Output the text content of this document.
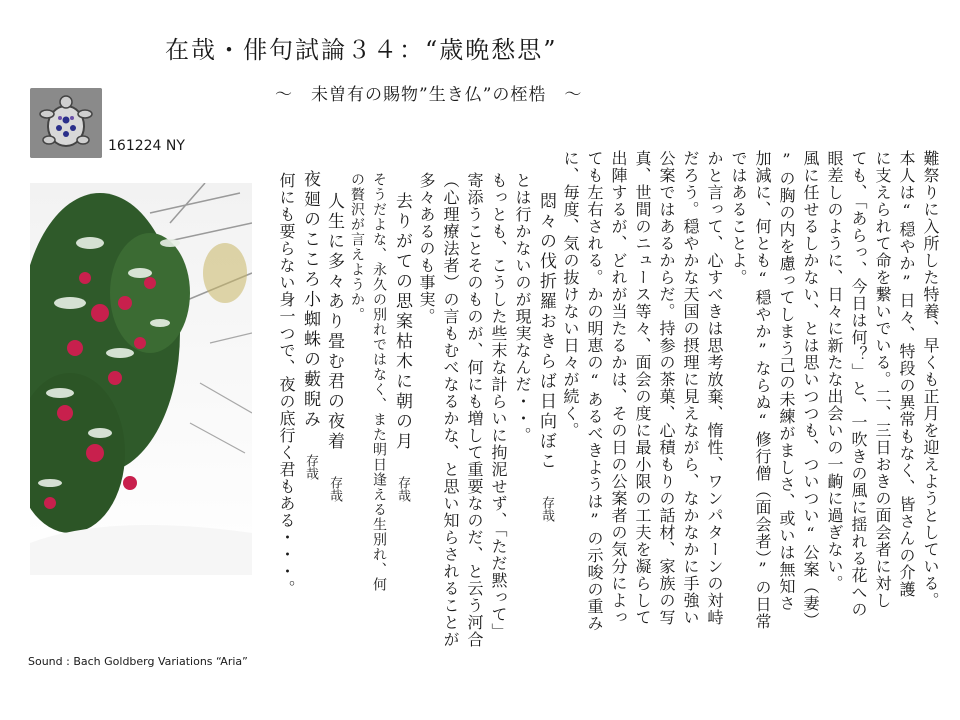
在哉・俳句試論３４：“歳晩愁思”
～　未曽有の賜物”生き仏”の桎梏　～
161224 NY
難祭りに入所した特養、早くも正月を迎えようとしている。
本人は“穏やか”日々、特段の異常もなく、皆さんの介護
に支えられて命を繋いでいる。二、三日おきの面会者に対し
ても、「あらっ、今日は何？」と、一吹きの風に揺れる花への
眼差しのように、日々に新たな出会いの一齣に過ぎない。
風に任せるしかない、とは思いつつも、ついつい“公案（妻）
”の胸の内を慮ってしまう己の未練がましさ、或いは無知さ
加減に、何とも“穏やか”ならぬ“修行僧（面会者）”の日常
ではあることよ。
かと言って、心すべきは思考放棄、惰性、ワンパターンの対峙
だろう。穏やかな天国の摂理に見えながら、なかなかに手強い
公案ではあるからだ。持参の茶菓、心積もりの話材、家族の写
真、世間のニュース等々、面会の度に最小限の工夫を凝らして
出陣するが、どれが当たるかは、その日の公案者の気分によっ
ても左右される。かの明恵の“あるべきようは”の示唆の重み
に、毎度、気の抜けない日々が続く。
悶々の伐折羅おきらば日向ぼこ存哉
とは行かないのが現実なんだ・・。
もっとも、こうした些末な計らいに拘泥せず、「ただ黙って」
寄添うことそのものが、何にも増して重要なのだ、と云う河合
（心理療法者）の言もむべなるかな、と思い知らされることが
多々あるのも事実。
去りがての思案枯木に朝の月存哉
そうだよな、永久の別れではなく、また明日逢える生別れ、何
の贅沢が言えようか。
人生に多々あり畳む君の夜着存哉
夜廻のこころ小蜘蛛の藪睨み存哉
何にも要らない身一つで、夜の底行く君もある・・・。
Sound : Bach Goldberg Variations “Aria”
